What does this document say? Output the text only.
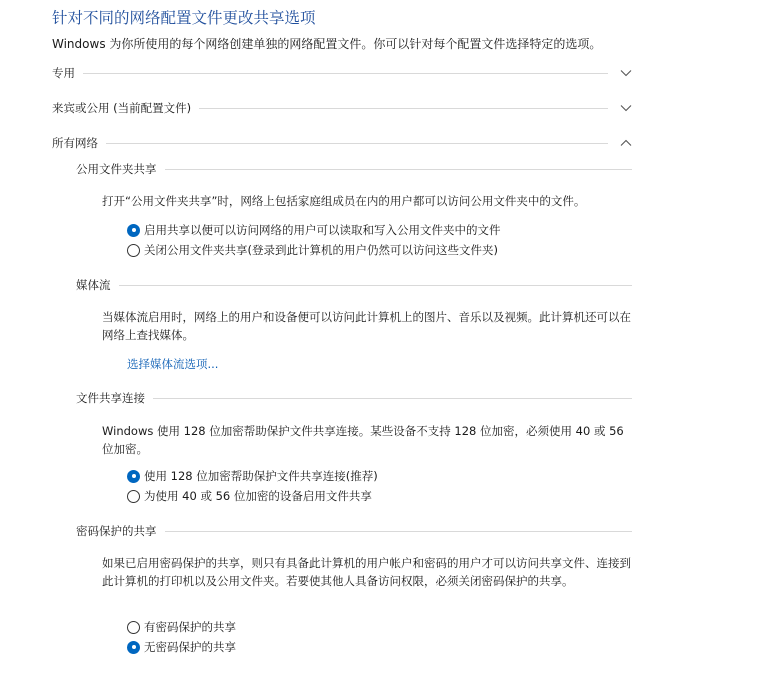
针对不同的网络配置文件更改共享选项
Windows 为你所使用的每个网络创建单独的网络配置文件。你可以针对每个配置文件选择特定的选项。
专用
来宾或公用 (当前配置文件)
所有网络
公用文件夹共享
打开“公用文件夹共享”时，网络上包括家庭组成员在内的用户都可以访问公用文件夹中的文件。
启用共享以便可以访问网络的用户可以读取和写入公用文件夹中的文件
关闭公用文件夹共享(登录到此计算机的用户仍然可以访问这些文件夹)
媒体流
当媒体流启用时，网络上的用户和设备便可以访问此计算机上的图片、音乐以及视频。此计算机还可以在网络上查找媒体。
选择媒体流选项...
文件共享连接
Windows 使用 128 位加密帮助保护文件共享连接。某些设备不支持 128 位加密，必须使用 40 或 56 位加密。
使用 128 位加密帮助保护文件共享连接(推荐)
为使用 40 或 56 位加密的设备启用文件共享
密码保护的共享
如果已启用密码保护的共享，则只有具备此计算机的用户帐户和密码的用户才可以访问共享文件、连接到此计算机的打印机以及公用文件夹。若要使其他人具备访问权限，必须关闭密码保护的共享。
有密码保护的共享
无密码保护的共享
